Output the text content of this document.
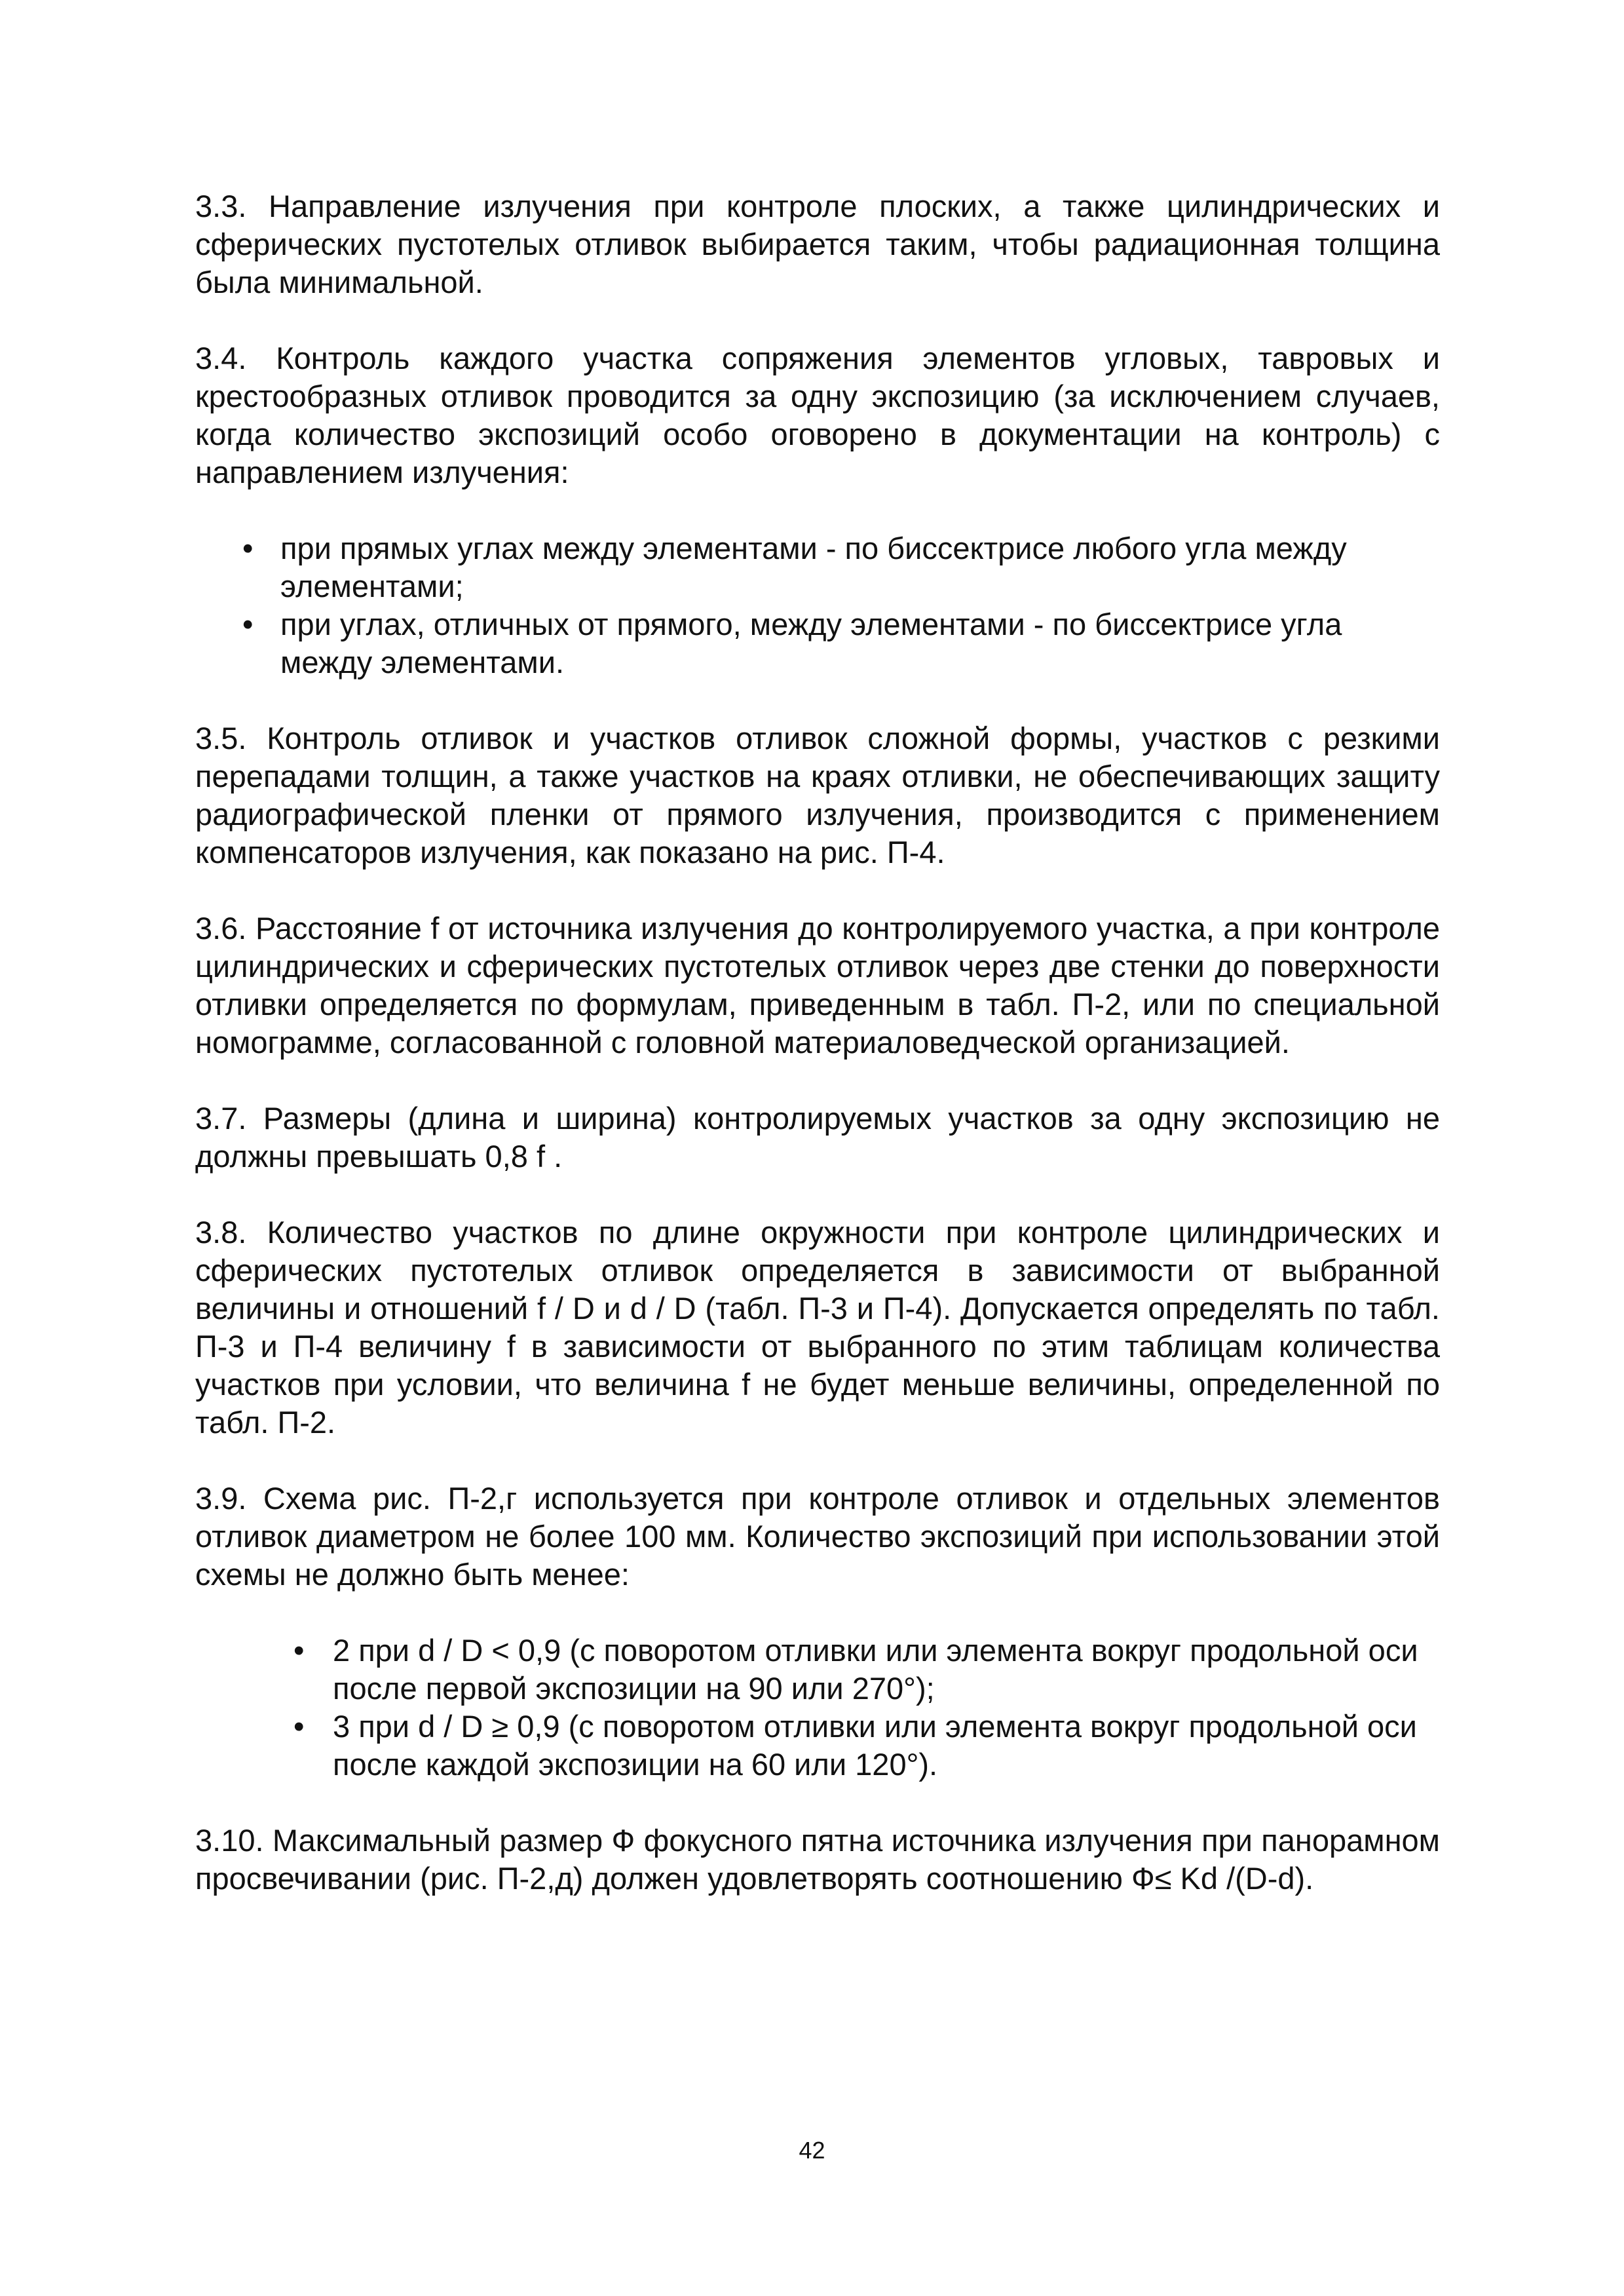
3.3. Направление излучения при контроле плоских, а также цилиндрических и сферических пустотелых отливок выбирается таким, чтобы радиационная толщина была минимальной.

3.4. Контроль каждого участка сопряжения элементов угловых, тавровых и крестообразных отливок проводится за одну экспозицию (за исключением случаев, когда количество экспозиций особо оговорено в документации на контроль) с направлением излучения:

• при прямых углах между элементами - по биссектрисе любого угла между элементами;
• при углах, отличных от прямого, между элементами - по биссектрисе угла между элементами.

3.5. Контроль отливок и участков отливок сложной формы, участков с резкими перепадами толщин, а также участков на краях отливки, не обеспечивающих защиту радиографической пленки от прямого излучения, производится с применением компенсаторов излучения, как показано на рис. П-4.

3.6. Расстояние f от источника излучения до контролируемого участка, а при контроле цилиндрических и сферических пустотелых отливок через две стенки до поверхности отливки определяется по формулам, приведенным в табл. П-2, или по специальной номограмме, согласованной с головной материаловедческой организацией.

3.7. Размеры (длина и ширина) контролируемых участков за одну экспозицию не должны превышать 0,8 f .

3.8. Количество участков по длине окружности при контроле цилиндрических и сферических пустотелых отливок определяется в зависимости от выбранной величины и отношений f / D и d / D (табл. П-3 и П-4). Допускается определять по табл. П-3 и П-4 величину f в зависимости от выбранного по этим таблицам количества участков при условии, что величина f не будет меньше величины, определенной по табл. П-2.

3.9. Схема рис. П-2,г используется при контроле отливок и отдельных элементов отливок диаметром не более 100 мм. Количество экспозиций при использовании этой схемы не должно быть менее:

• 2 при d / D < 0,9 (с поворотом отливки или элемента вокруг продольной оси после первой экспозиции на 90 или 270°);
• 3 при d / D ≥ 0,9 (с поворотом отливки или элемента вокруг продольной оси после каждой экспозиции на 60 или 120°).

3.10. Максимальный размер Ф фокусного пятна источника излучения при панорамном просвечивании (рис. П-2,д) должен удовлетворять соотношению Ф≤ Kd /(D-d).

42
